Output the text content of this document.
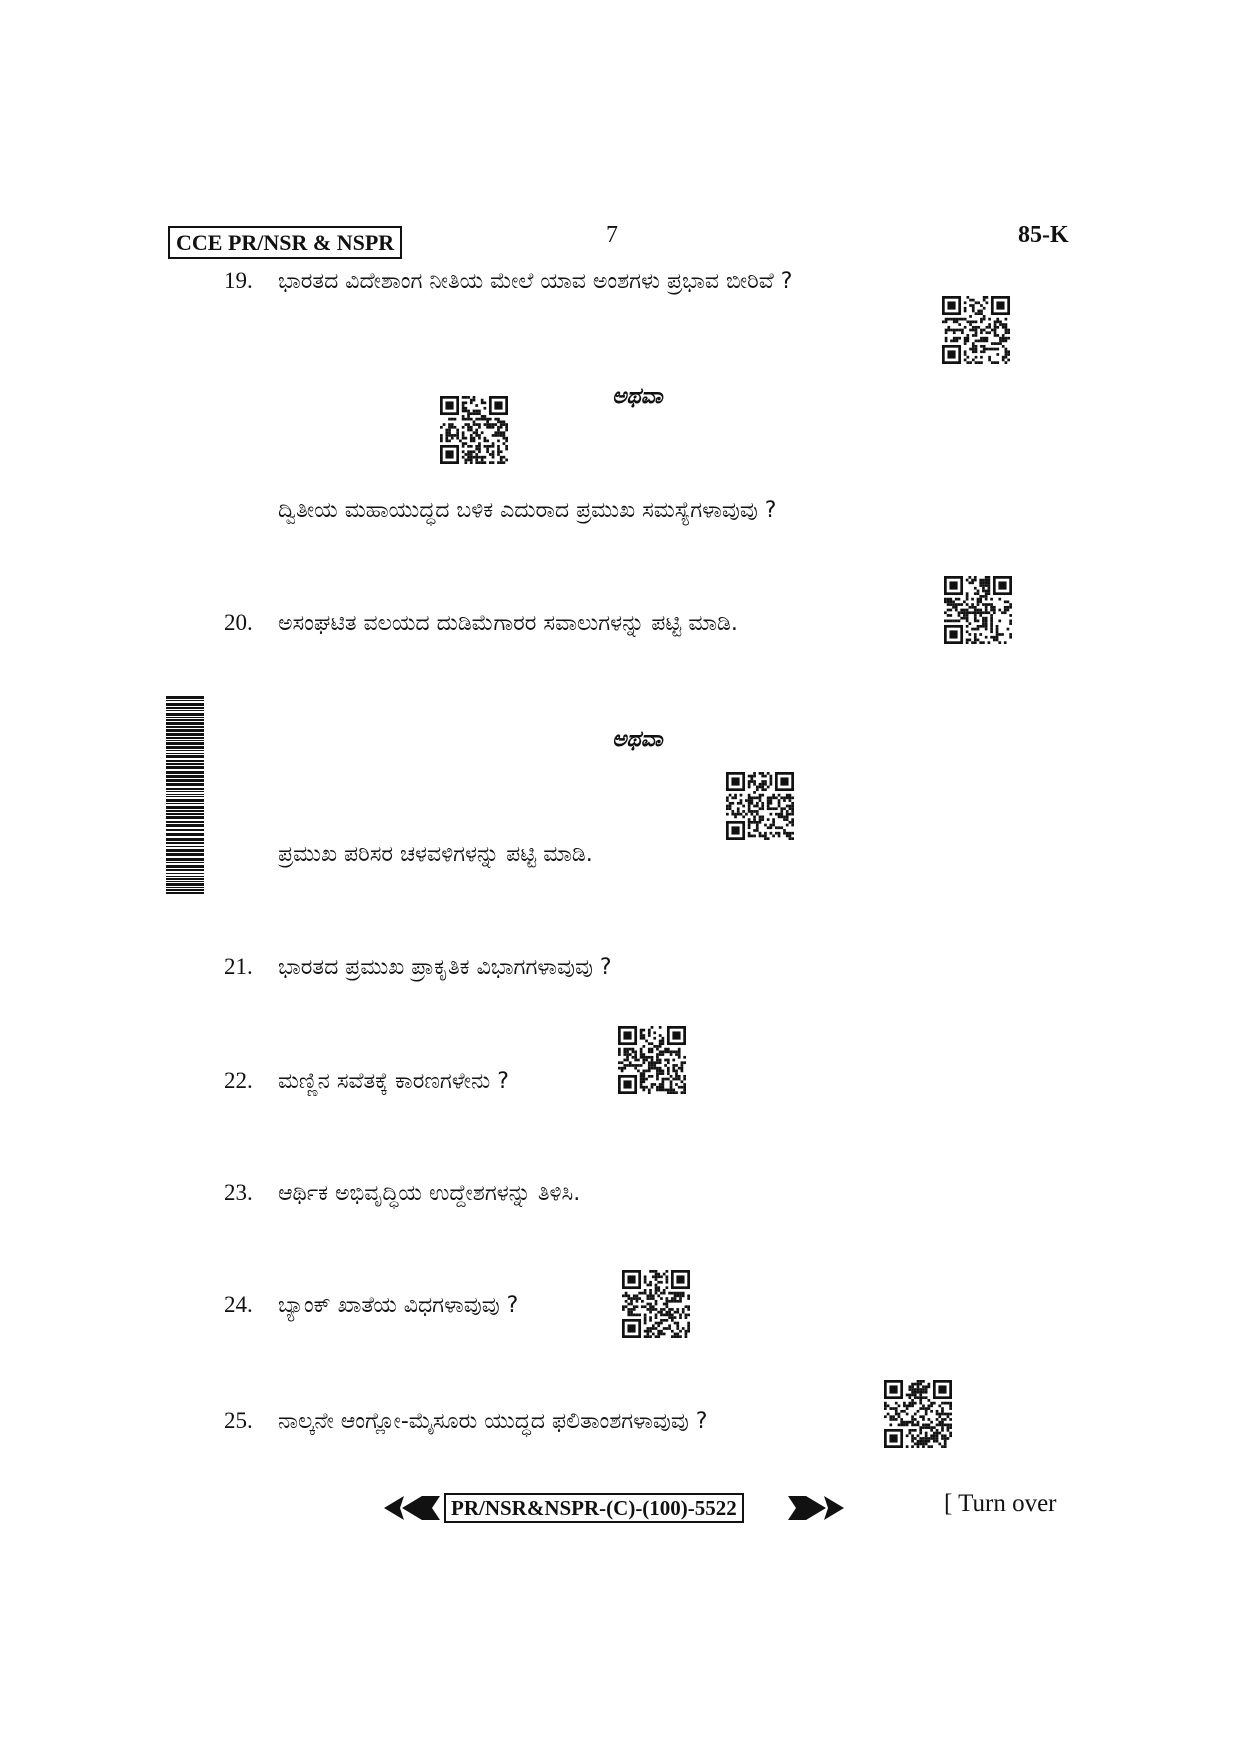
CCE PR/NSR & NSPR	7	85-K
19. ಭಾರತದ ವಿದೇಶಾಂಗ ನೀತಿಯ ಮೇಲೆ ಯಾವ ಅಂಶಗಳು ಪ್ರಭಾವ ಬೀರಿವೆ ?
ಅಥವಾ
ದ್ವಿತೀಯ ಮಹಾಯುದ್ಧದ ಬಳಿಕ ಎದುರಾದ ಪ್ರಮುಖ ಸಮಸ್ಯೆಗಳಾವುವು ?
20. ಅಸಂಘಟಿತ ವಲಯದ ದುಡಿಮೆಗಾರರ ಸವಾಲುಗಳನ್ನು ಪಟ್ಟಿ ಮಾಡಿ.
ಅಥವಾ
ಪ್ರಮುಖ ಪರಿಸರ ಚಳವಳಿಗಳನ್ನು ಪಟ್ಟಿ ಮಾಡಿ.
21. ಭಾರತದ ಪ್ರಮುಖ ಪ್ರಾಕೃತಿಕ ವಿಭಾಗಗಳಾವುವು ?
22. ಮಣ್ಣಿನ ಸವೆತಕ್ಕೆ ಕಾರಣಗಳೇನು ?
23. ಆರ್ಥಿಕ ಅಭಿವೃದ್ಧಿಯ ಉದ್ದೇಶಗಳನ್ನು ತಿಳಿಸಿ.
24. ಬ್ಯಾಂಕ್ ಖಾತೆಯ ವಿಧಗಳಾವುವು ?
25. ನಾಲ್ಕನೇ ಆಂಗ್ಲೋ-ಮೈಸೂರು ಯುದ್ಧದ ಫಲಿತಾಂಶಗಳಾವುವು ?
PR/NSR&NSPR-(C)-(100)-5522	[ Turn over
